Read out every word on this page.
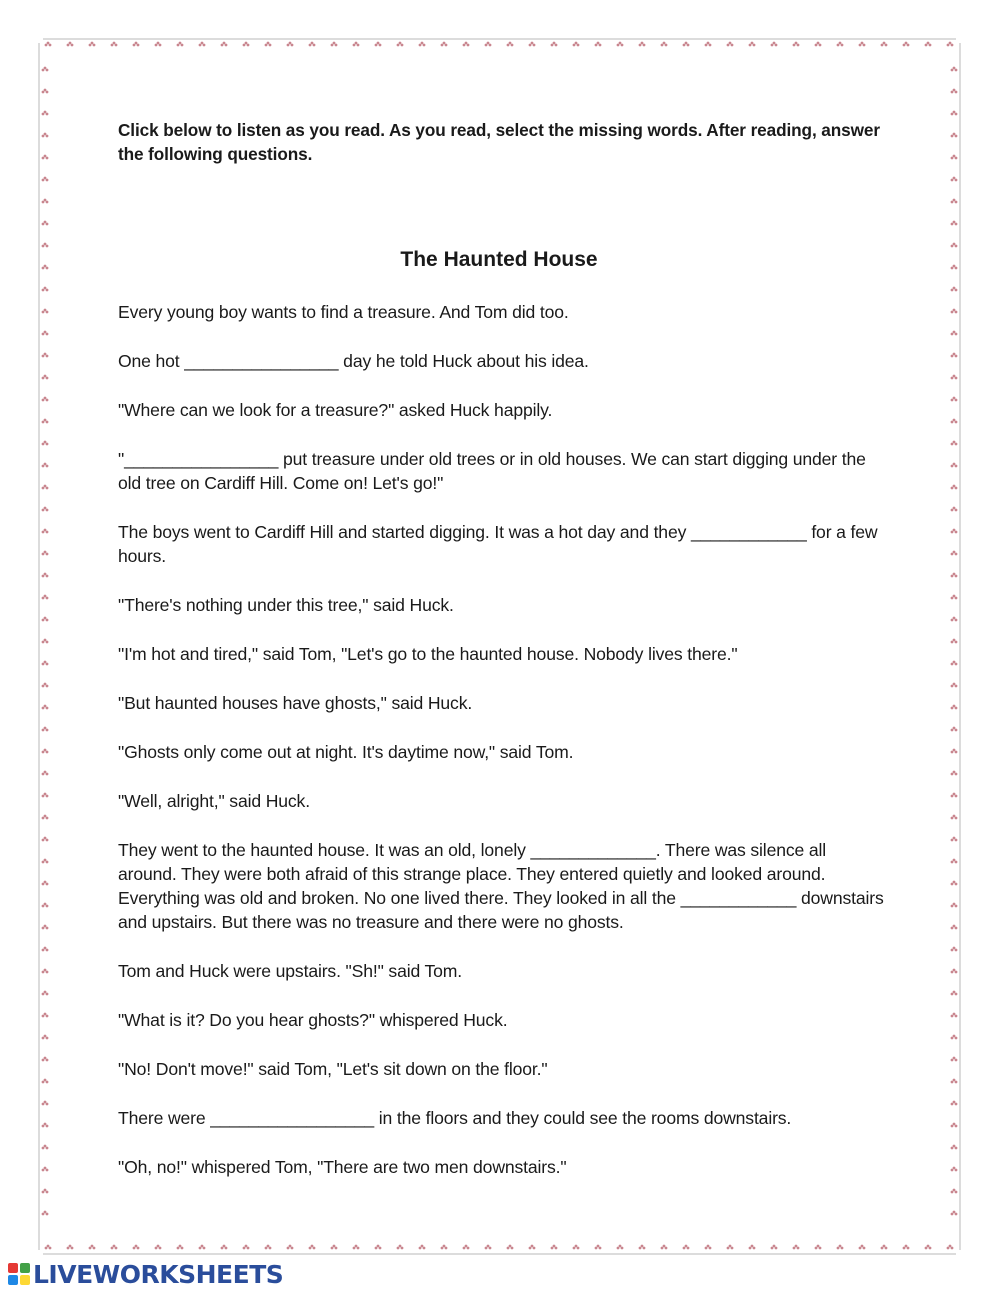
Click below to listen as you read. As you read, select the missing words. After reading, answer the following questions.

The Haunted House

Every young boy wants to find a treasure. And Tom did too.

One hot ________________ day he told Huck about his idea.

"Where can we look for a treasure?" asked Huck happily.

"________________ put treasure under old trees or in old houses. We can start digging under the old tree on Cardiff Hill. Come on! Let's go!"

The boys went to Cardiff Hill and started digging. It was a hot day and they ____________ for a few hours.

"There's nothing under this tree," said Huck.

"I'm hot and tired," said Tom, "Let's go to the haunted house. Nobody lives there."

"But haunted houses have ghosts," said Huck.

"Ghosts only come out at night. It's daytime now," said Tom.

"Well, alright," said Huck.

They went to the haunted house. It was an old, lonely _____________. There was silence all around. They were both afraid of this strange place. They entered quietly and looked around. Everything was old and broken. No one lived there. They looked in all the ____________ downstairs and upstairs. But there was no treasure and there were no ghosts.

Tom and Huck were upstairs. "Sh!" said Tom.

"What is it? Do you hear ghosts?" whispered Huck.

"No! Don't move!" said Tom, "Let's sit down on the floor."

There were _________________ in the floors and they could see the rooms downstairs.

"Oh, no!" whispered Tom, "There are two men downstairs."

LIVEWORKSHEETS
